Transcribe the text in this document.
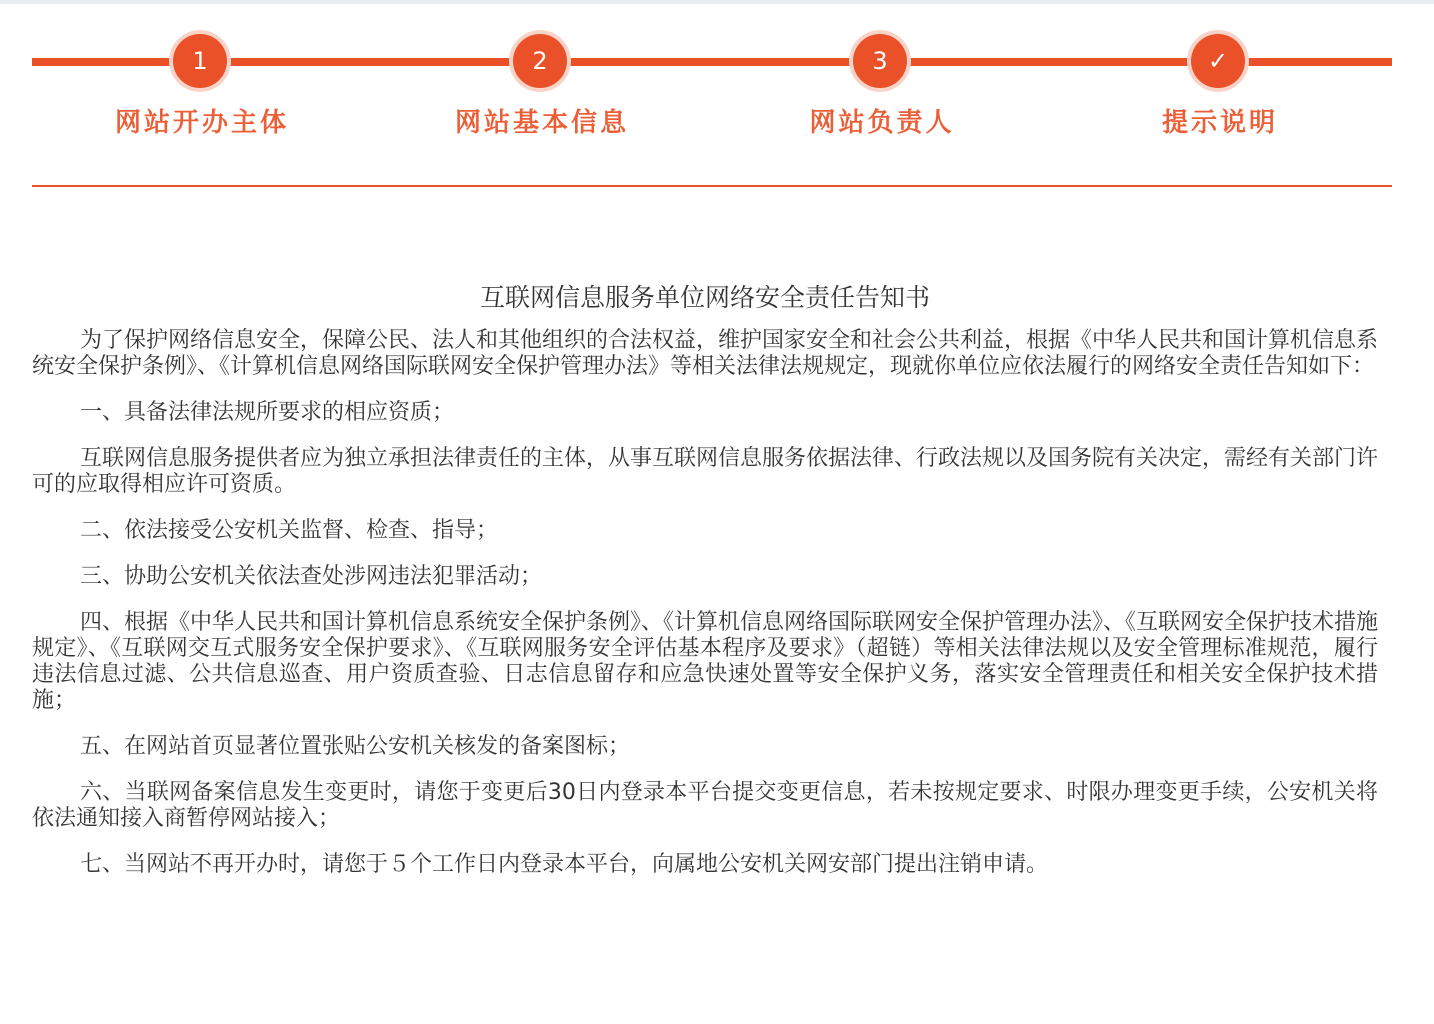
1
网站开办主体
2
网站基本信息
3
网站负责人
✓
提示说明
互联网信息服务单位网络安全责任告知书

为了保护网络信息安全，保障公民、法人和其他组织的合法权益，维护国家安全和社会公共利益，根据《中华人民共和国计算机信息系统安全保护条例》、《计算机信息网络国际联网安全保护管理办法》等相关法律法规规定，现就你单位应依法履行的网络安全责任告知如下：

一、具备法律法规所要求的相应资质；

互联网信息服务提供者应为独立承担法律责任的主体，从事互联网信息服务依据法律、行政法规以及国务院有关决定，需经有关部门许可的应取得相应许可资质。

二、依法接受公安机关监督、检查、指导；

三、协助公安机关依法查处涉网违法犯罪活动；

四、根据《中华人民共和国计算机信息系统安全保护条例》、《计算机信息网络国际联网安全保护管理办法》、《互联网安全保护技术措施规定》、《互联网交互式服务安全保护要求》、《互联网服务安全评估基本程序及要求》（超链）等相关法律法规以及安全管理标准规范，履行违法信息过滤、公共信息巡查、用户资质查验、日志信息留存和应急快速处置等安全保护义务，落实安全管理责任和相关安全保护技术措施；

五、在网站首页显著位置张贴公安机关核发的备案图标；

六、当联网备案信息发生变更时，请您于变更后30日内登录本平台提交变更信息，若未按规定要求、时限办理变更手续，公安机关将依法通知接入商暂停网站接入；

七、当网站不再开办时，请您于５个工作日内登录本平台，向属地公安机关网安部门提出注销申请。
